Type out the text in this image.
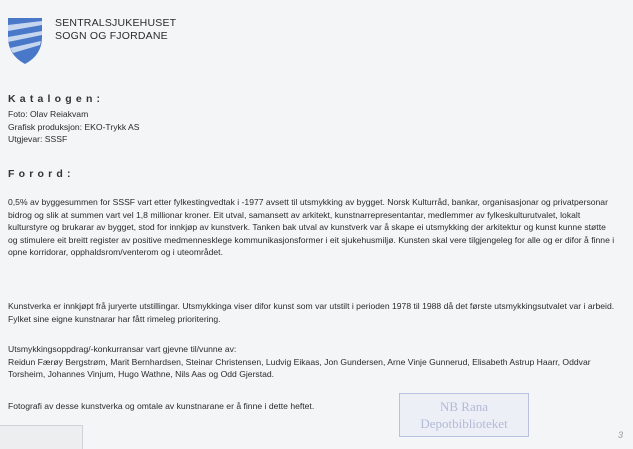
SENTRALSJUKEHUSET
SOGN OG FJORDANE
Katalogen:
Foto: Olav Reiakvam
Grafisk produksjon: EKO-Trykk AS
Utgjevar: SSSF
Forord:

0,5% av byggesummen for SSSF vart etter fylkestingvedtak i -1977 avsett til utsmykking av bygget. Norsk Kulturråd, bankar, organisasjonar og privatpersonar bidrog og slik at summen vart vel 1,8 millionar kroner. Eit utval, samansett av arkitekt, kunstnarrepresentantar, medlemmer av fylkeskulturutvalet, lokalt kulturstyre og brukarar av bygget, stod for innkjøp av kunstverk. Tanken bak utval av kunstverk var å skape ei utsmykking der arkitektur og kunst kunne støtte og stimulere eit breitt register av positive medmennesklege kommunikasjonsformer i eit sjukehusmiljø. Kunsten skal vere tilgjengeleg for alle og er difor å finne i opne korridorar, opphaldsrom/venterom og i uteområdet.

Kunstverka er innkjøpt frå juryerte utstillingar. Utsmykkinga viser difor kunst som var utstilt i perioden 1978 til 1988 då det første utsmykkingsutvalet var i arbeid. Fylket sine eigne kunstnarar har fått rimeleg prioritering.

Utsmykkingsoppdrag/-konkurransar vart gjevne til/vunne av:
Reidun Færøy Bergstrøm, Marit Bernhardsen, Steinar Christensen, Ludvig Eikaas, Jon Gundersen, Arne Vinje Gunnerud, Elisabeth Astrup Haarr, Oddvar Torsheim, Johannes Vinjum, Hugo Wathne, Nils Aas og Odd Gjerstad.

Fotografi av desse kunstverka og omtale av kunstnarane er å finne i dette heftet.	NB Rana
Depotbiblioteket
3
